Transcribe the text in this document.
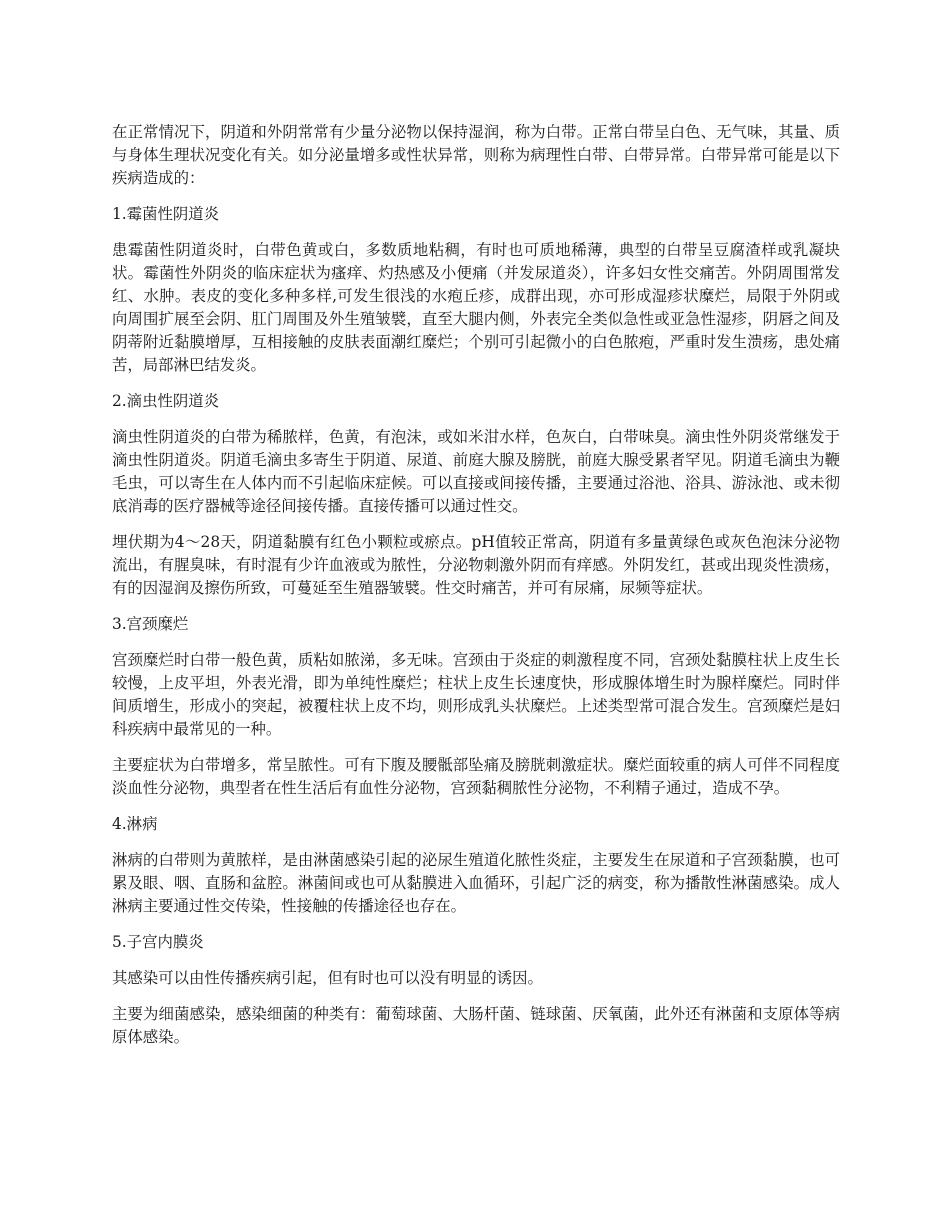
在正常情况下，阴道和外阴常常有少量分泌物以保持湿润，称为白带。正常白带呈白色、无气味，其量、质与身体生理状况变化有关。如分泌量增多或性状异常，则称为病理性白带、白带异常。白带异常可能是以下疾病造成的：

1.霉菌性阴道炎

患霉菌性阴道炎时，白带色黄或白，多数质地粘稠，有时也可质地稀薄，典型的白带呈豆腐渣样或乳凝块状。霉菌性外阴炎的临床症状为瘙痒、灼热感及小便痛（并发尿道炎），许多妇女性交痛苦。外阴周围常发红、水肿。表皮的变化多种多样,可发生很浅的水疱丘疹，成群出现，亦可形成湿疹状糜烂，局限于外阴或向周围扩展至会阴、肛门周围及外生殖皱襞，直至大腿内侧，外表完全类似急性或亚急性湿疹，阴唇之间及阴蒂附近黏膜增厚，互相接触的皮肤表面潮红糜烂；个别可引起微小的白色脓疱，严重时发生溃疡，患处痛苦，局部淋巴结发炎。

2.滴虫性阴道炎

滴虫性阴道炎的白带为稀脓样，色黄，有泡沫，或如米泔水样，色灰白，白带味臭。滴虫性外阴炎常继发于滴虫性阴道炎。阴道毛滴虫多寄生于阴道、尿道、前庭大腺及膀胱，前庭大腺受累者罕见。阴道毛滴虫为鞭毛虫，可以寄生在人体内而不引起临床症候。可以直接或间接传播，主要通过浴池、浴具、游泳池、或未彻底消毒的医疗器械等途径间接传播。直接传播可以通过性交。

埋伏期为4～28天，阴道黏膜有红色小颗粒或瘀点。pH值较正常高，阴道有多量黄绿色或灰色泡沫分泌物流出，有腥臭味，有时混有少许血液或为脓性，分泌物刺激外阴而有痒感。外阴发红，甚或出现炎性溃疡，有的因湿润及擦伤所致，可蔓延至生殖器皱襞。性交时痛苦，并可有尿痛，尿频等症状。

3.宫颈糜烂

宫颈糜烂时白带一般色黄，质粘如脓涕，多无味。宫颈由于炎症的刺激程度不同，宫颈处黏膜柱状上皮生长较慢，上皮平坦，外表光滑，即为单纯性糜烂；柱状上皮生长速度快，形成腺体增生时为腺样糜烂。同时伴间质增生，形成小的突起，被覆柱状上皮不均，则形成乳头状糜烂。上述类型常可混合发生。宫颈糜烂是妇科疾病中最常见的一种。

主要症状为白带增多，常呈脓性。可有下腹及腰骶部坠痛及膀胱刺激症状。糜烂面较重的病人可伴不同程度淡血性分泌物，典型者在性生活后有血性分泌物，宫颈黏稠脓性分泌物，不利精子通过，造成不孕。

4.淋病

淋病的白带则为黄脓样，是由淋菌感染引起的泌尿生殖道化脓性炎症，主要发生在尿道和子宫颈黏膜，也可累及眼、咽、直肠和盆腔。淋菌间或也可从黏膜进入血循环，引起广泛的病变，称为播散性淋菌感染。成人淋病主要通过性交传染，性接触的传播途径也存在。

5.子宫内膜炎

其感染可以由性传播疾病引起，但有时也可以没有明显的诱因。

主要为细菌感染，感染细菌的种类有：葡萄球菌、大肠杆菌、链球菌、厌氧菌，此外还有淋菌和支原体等病原体感染。
